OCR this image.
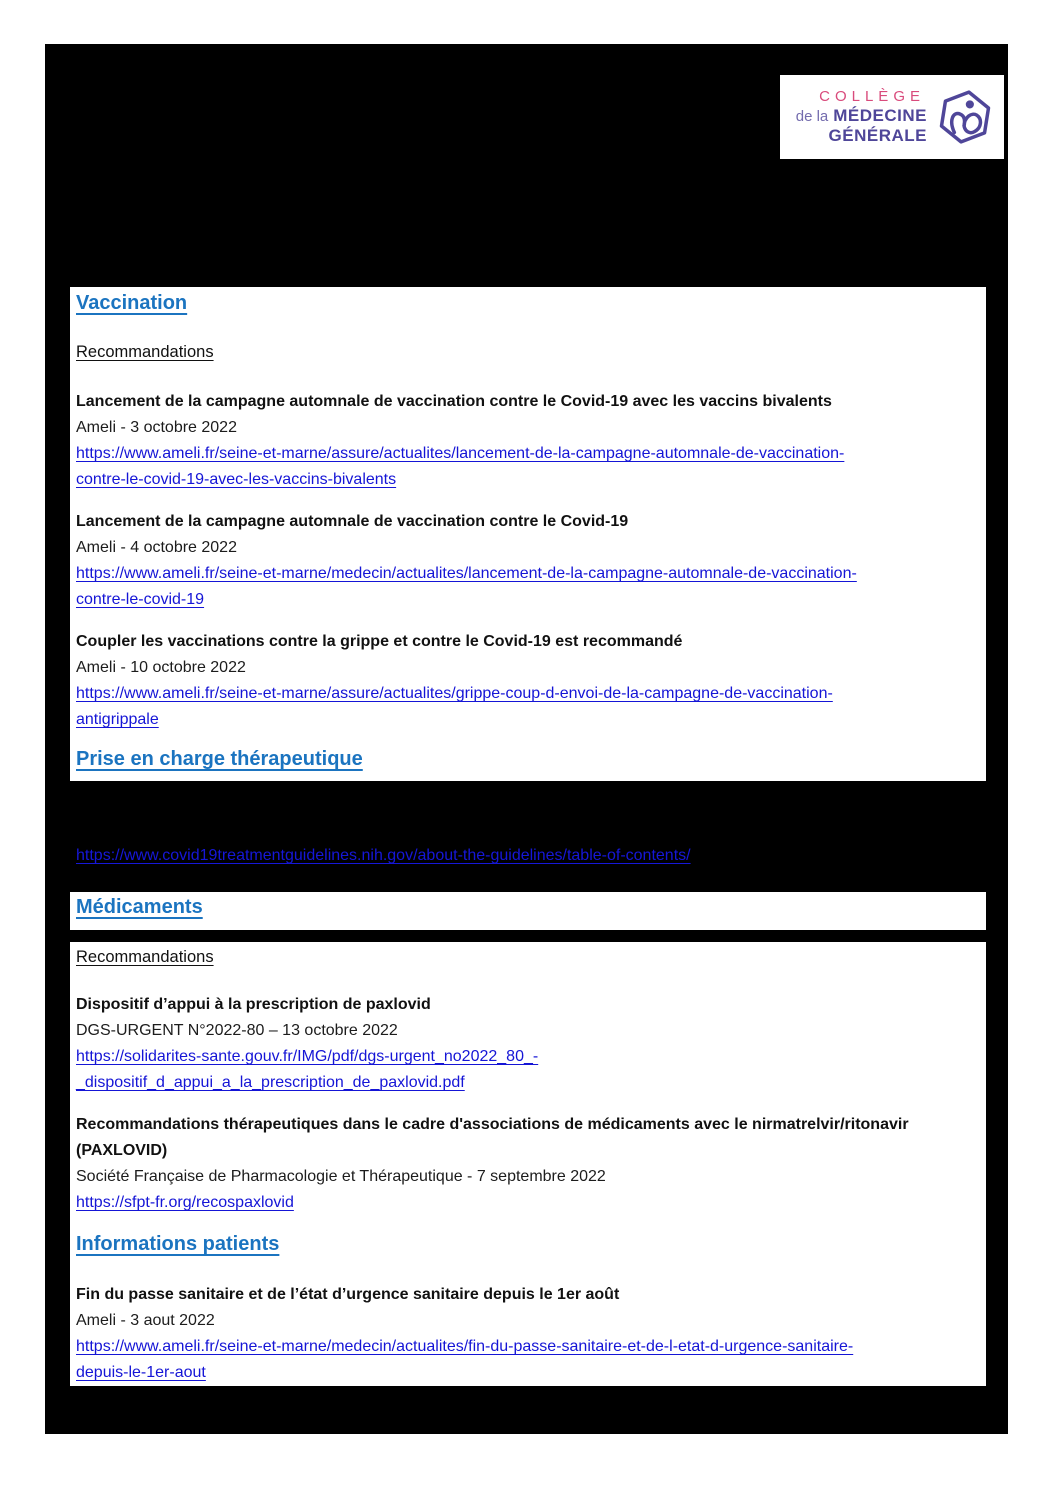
COLLÈGE
de la MÉDECINE
GÉNÉRALE
Vaccination
Recommandations
Lancement de la campagne automnale de vaccination contre le Covid-19 avec les vaccins bivalents
Ameli - 3 octobre 2022
https://www.ameli.fr/seine-et-marne/assure/actualites/lancement-de-la-campagne-automnale-de-vaccination-
contre-le-covid-19-avec-les-vaccins-bivalents
Lancement de la campagne automnale de vaccination contre le Covid-19
Ameli - 4 octobre 2022
https://www.ameli.fr/seine-et-marne/medecin/actualites/lancement-de-la-campagne-automnale-de-vaccination-
contre-le-covid-19
Coupler les vaccinations contre la grippe et contre le Covid-19 est recommandé
Ameli - 10 octobre 2022
https://www.ameli.fr/seine-et-marne/assure/actualites/grippe-coup-d-envoi-de-la-campagne-de-vaccination-
antigrippale
Prise en charge thérapeutique
https://www.covid19treatmentguidelines.nih.gov/about-the-guidelines/table-of-contents/
Médicaments
Recommandations
Dispositif d’appui à la prescription de paxlovid
DGS-URGENT N°2022-80 – 13 octobre 2022
https://solidarites-sante.gouv.fr/IMG/pdf/dgs-urgent_no2022_80_-
_dispositif_d_appui_a_la_prescription_de_paxlovid.pdf
Recommandations thérapeutiques dans le cadre d'associations de médicaments avec le nirmatrelvir/ritonavir
(PAXLOVID)
Société Française de Pharmacologie et Thérapeutique - 7 septembre 2022
https://sfpt-fr.org/recospaxlovid
Informations patients
Fin du passe sanitaire et de l’état d’urgence sanitaire depuis le 1er août
Ameli - 3 aout 2022
https://www.ameli.fr/seine-et-marne/medecin/actualites/fin-du-passe-sanitaire-et-de-l-etat-d-urgence-sanitaire-
depuis-le-1er-aout
